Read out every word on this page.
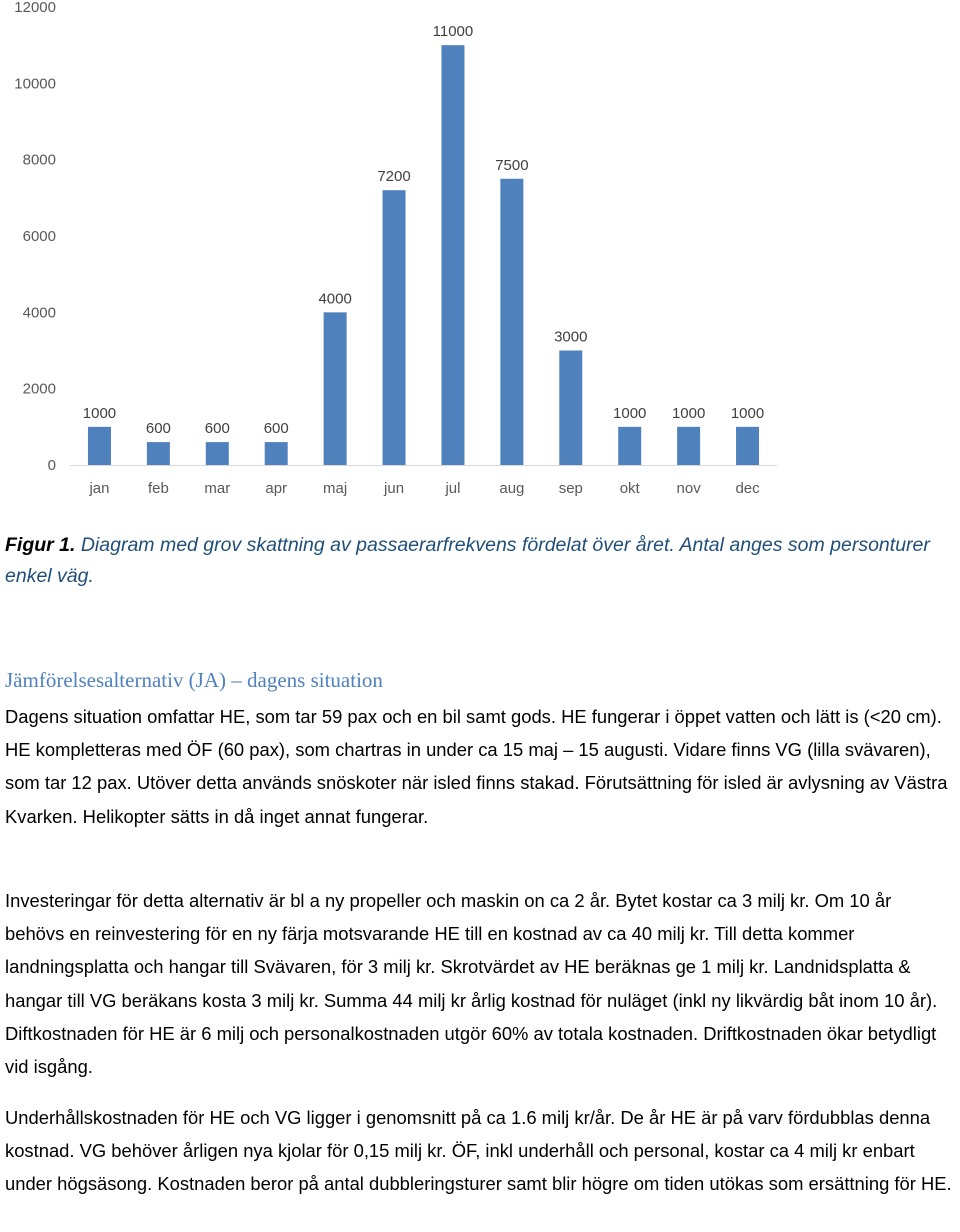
0
2000
4000
6000
8000
10000
12000
1000
600 600 600
4000
7200
11000
7500
3000
1000 1000 1000
jan	feb mar apr maj jun	jul	aug sep okt nov dec
Figur 1. Diagram med grov skattning av passaerarfrekvens fördelat över året. Antal anges som personturer enkel väg.
Jämförelsesalternativ (JA) – dagens situation

Dagens situation omfattar HE, som tar 59 pax och en bil samt gods. HE fungerar i öppet vatten och lätt is (<20 cm). HE kompletteras med ÖF (60 pax), som chartras in under ca 15 maj – 15 augusti. Vidare finns VG (lilla svävaren), som tar 12 pax. Utöver detta används snöskoter när isled finns stakad. Förutsättning för isled är avlysning av Västra Kvarken. Helikopter sätts in då inget annat fungerar.

Investeringar för detta alternativ är bl a ny propeller och maskin on ca 2 år. Bytet kostar ca 3 milj kr. Om 10 år behövs en reinvestering för en ny färja motsvarande HE till en kostnad av ca 40 milj kr. Till detta kommer landningsplatta och hangar till Svävaren, för 3 milj kr. Skrotvärdet av HE beräknas ge 1 milj kr. Landnidsplatta & hangar till VG beräkans kosta 3 milj kr. Summa 44 milj kr årlig kostnad för nuläget (inkl ny likvärdig båt inom 10 år). Diftkostnaden för HE är 6 milj och personalkostnaden utgör 60% av totala kostnaden. Driftkostnaden ökar betydligt vid isgång.

Underhållskostnaden för HE och VG ligger i genomsnitt på ca 1.6 milj kr/år. De år HE är på varv fördubblas denna kostnad. VG behöver årligen nya kjolar för 0,15 milj kr. ÖF, inkl underhåll och personal, kostar ca 4 milj kr enbart under högsäsong. Kostnaden beror på antal dubbleringsturer samt blir högre om tiden utökas som ersättning för HE.
